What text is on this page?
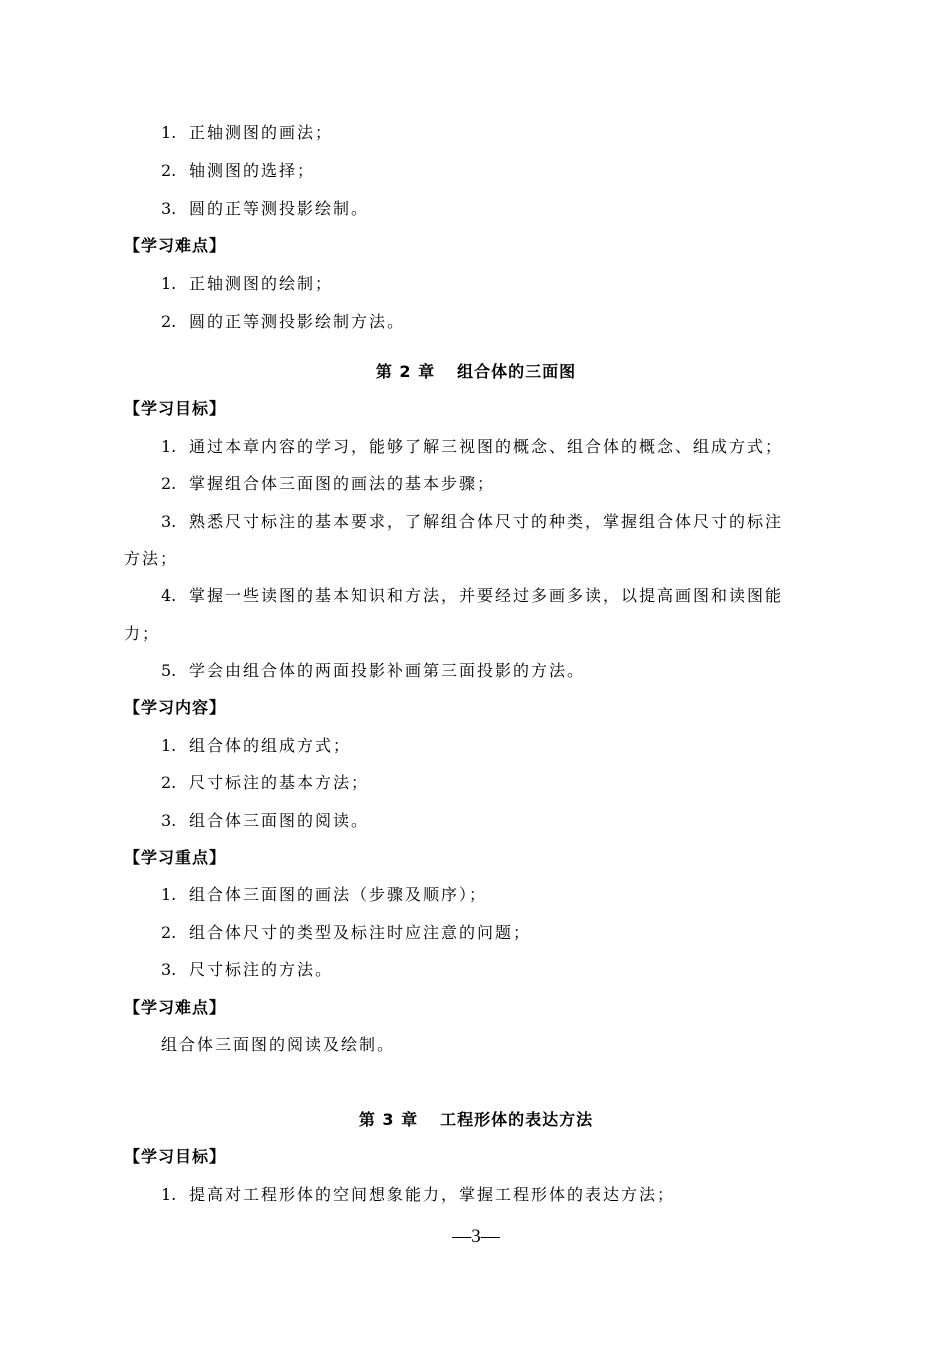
1. 正轴测图的画法；
2. 轴测图的选择；
3. 圆的正等测投影绘制。
【学习难点】
1. 正轴测图的绘制；
2. 圆的正等测投影绘制方法。
第 2 章 组合体的三面图
【学习目标】
1. 通过本章内容的学习，能够了解三视图的概念、组合体的概念、组成方式；
2. 掌握组合体三面图的画法的基本步骤；
3. 熟悉尺寸标注的基本要求，了解组合体尺寸的种类，掌握组合体尺寸的标注
方法；
4. 掌握一些读图的基本知识和方法，并要经过多画多读，以提高画图和读图能
力；
5. 学会由组合体的两面投影补画第三面投影的方法。
【学习内容】
1. 组合体的组成方式；
2. 尺寸标注的基本方法；
3. 组合体三面图的阅读。
【学习重点】
1. 组合体三面图的画法（步骤及顺序）；
2. 组合体尺寸的类型及标注时应注意的问题；
3. 尺寸标注的方法。
【学习难点】
组合体三面图的阅读及绘制。
第 3 章 工程形体的表达方法
【学习目标】
1. 提高对工程形体的空间想象能力，掌握工程形体的表达方法；
—3—
